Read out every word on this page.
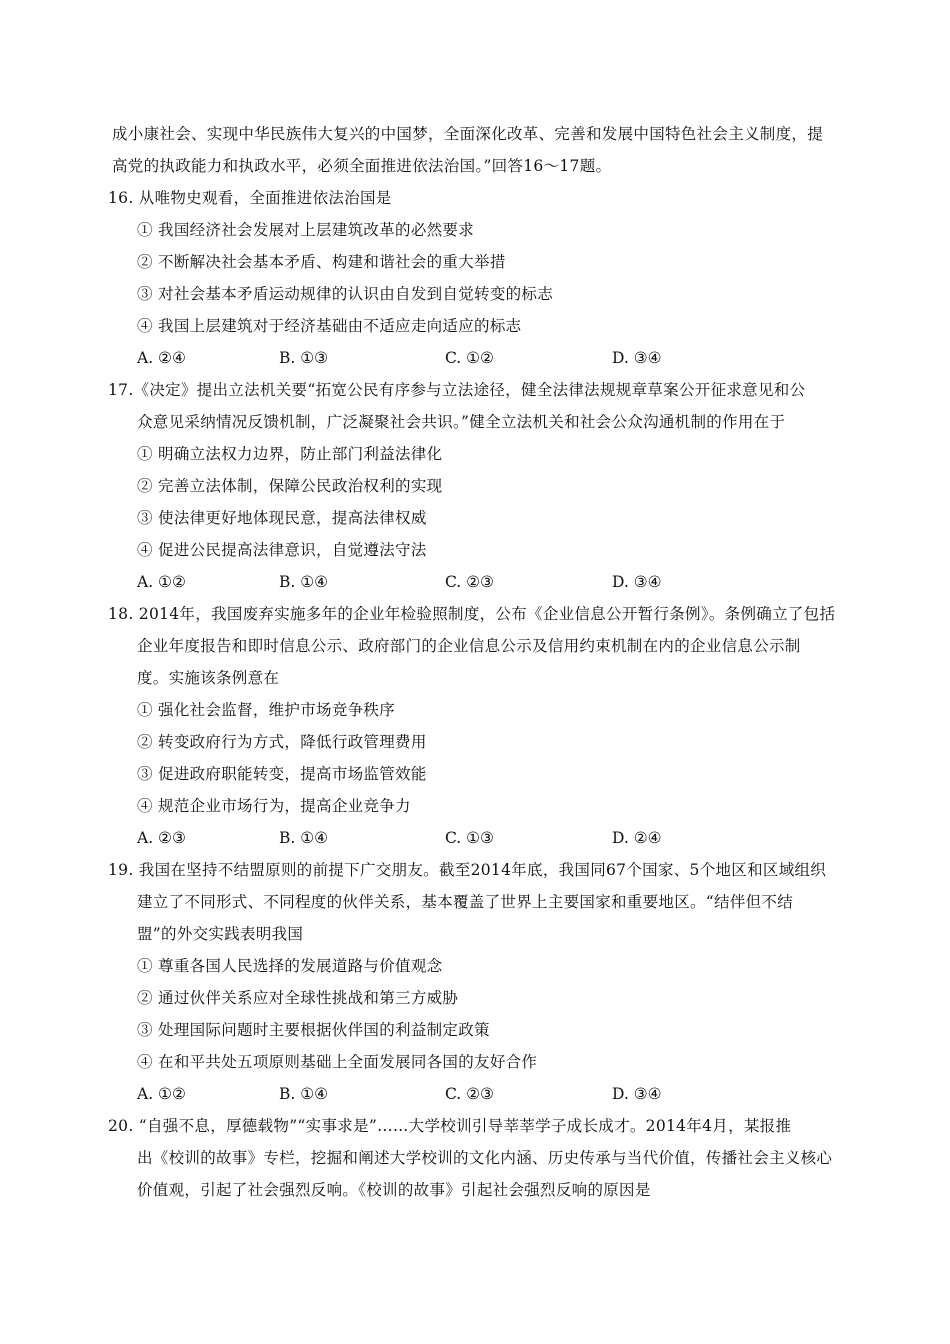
成小康社会、实现中华民族伟大复兴的中国梦，全面深化改革、完善和发展中国特色社会主义制度，提
高党的执政能力和执政水平，必须全面推进依法治国。”回答16～17题。
16. 从唯物史观看，全面推进依法治国是
① 我国经济社会发展对上层建筑改革的必然要求
② 不断解决社会基本矛盾、构建和谐社会的重大举措
③ 对社会基本矛盾运动规律的认识由自发到自觉转变的标志
④ 我国上层建筑对于经济基础由不适应走向适应的标志
A. ②④	B. ①③	C. ①②	D. ③④
17.《决定》提出立法机关要“拓宽公民有序参与立法途径，健全法律法规规章草案公开征求意见和公
众意见采纳情况反馈机制，广泛凝聚社会共识。”健全立法机关和社会公众沟通机制的作用在于
① 明确立法权力边界，防止部门利益法律化
② 完善立法体制，保障公民政治权利的实现
③ 使法律更好地体现民意，提高法律权威
④ 促进公民提高法律意识，自觉遵法守法
A. ①②	B. ①④	C. ②③	D. ③④
18. 2014年，我国废弃实施多年的企业年检验照制度，公布《企业信息公开暂行条例》。条例确立了包括
企业年度报告和即时信息公示、政府部门的企业信息公示及信用约束机制在内的企业信息公示制
度。实施该条例意在
① 强化社会监督，维护市场竞争秩序
② 转变政府行为方式，降低行政管理费用
③ 促进政府职能转变，提高市场监管效能
④ 规范企业市场行为，提高企业竞争力
A. ②③	B. ①④	C. ①③	D. ②④
19. 我国在坚持不结盟原则的前提下广交朋友。截至2014年底，我国同67个国家、5个地区和区域组织
建立了不同形式、不同程度的伙伴关系，基本覆盖了世界上主要国家和重要地区。“结伴但不结
盟”的外交实践表明我国
① 尊重各国人民选择的发展道路与价值观念
② 通过伙伴关系应对全球性挑战和第三方威胁
③ 处理国际问题时主要根据伙伴国的利益制定政策
④ 在和平共处五项原则基础上全面发展同各国的友好合作
A. ①②	B. ①④	C. ②③	D. ③④
20. “自强不息，厚德载物”“实事求是”……大学校训引导莘莘学子成长成才。2014年4月，某报推
出《校训的故事》专栏，挖掘和阐述大学校训的文化内涵、历史传承与当代价值，传播社会主义核心
价值观，引起了社会强烈反响。《校训的故事》引起社会强烈反响的原因是
